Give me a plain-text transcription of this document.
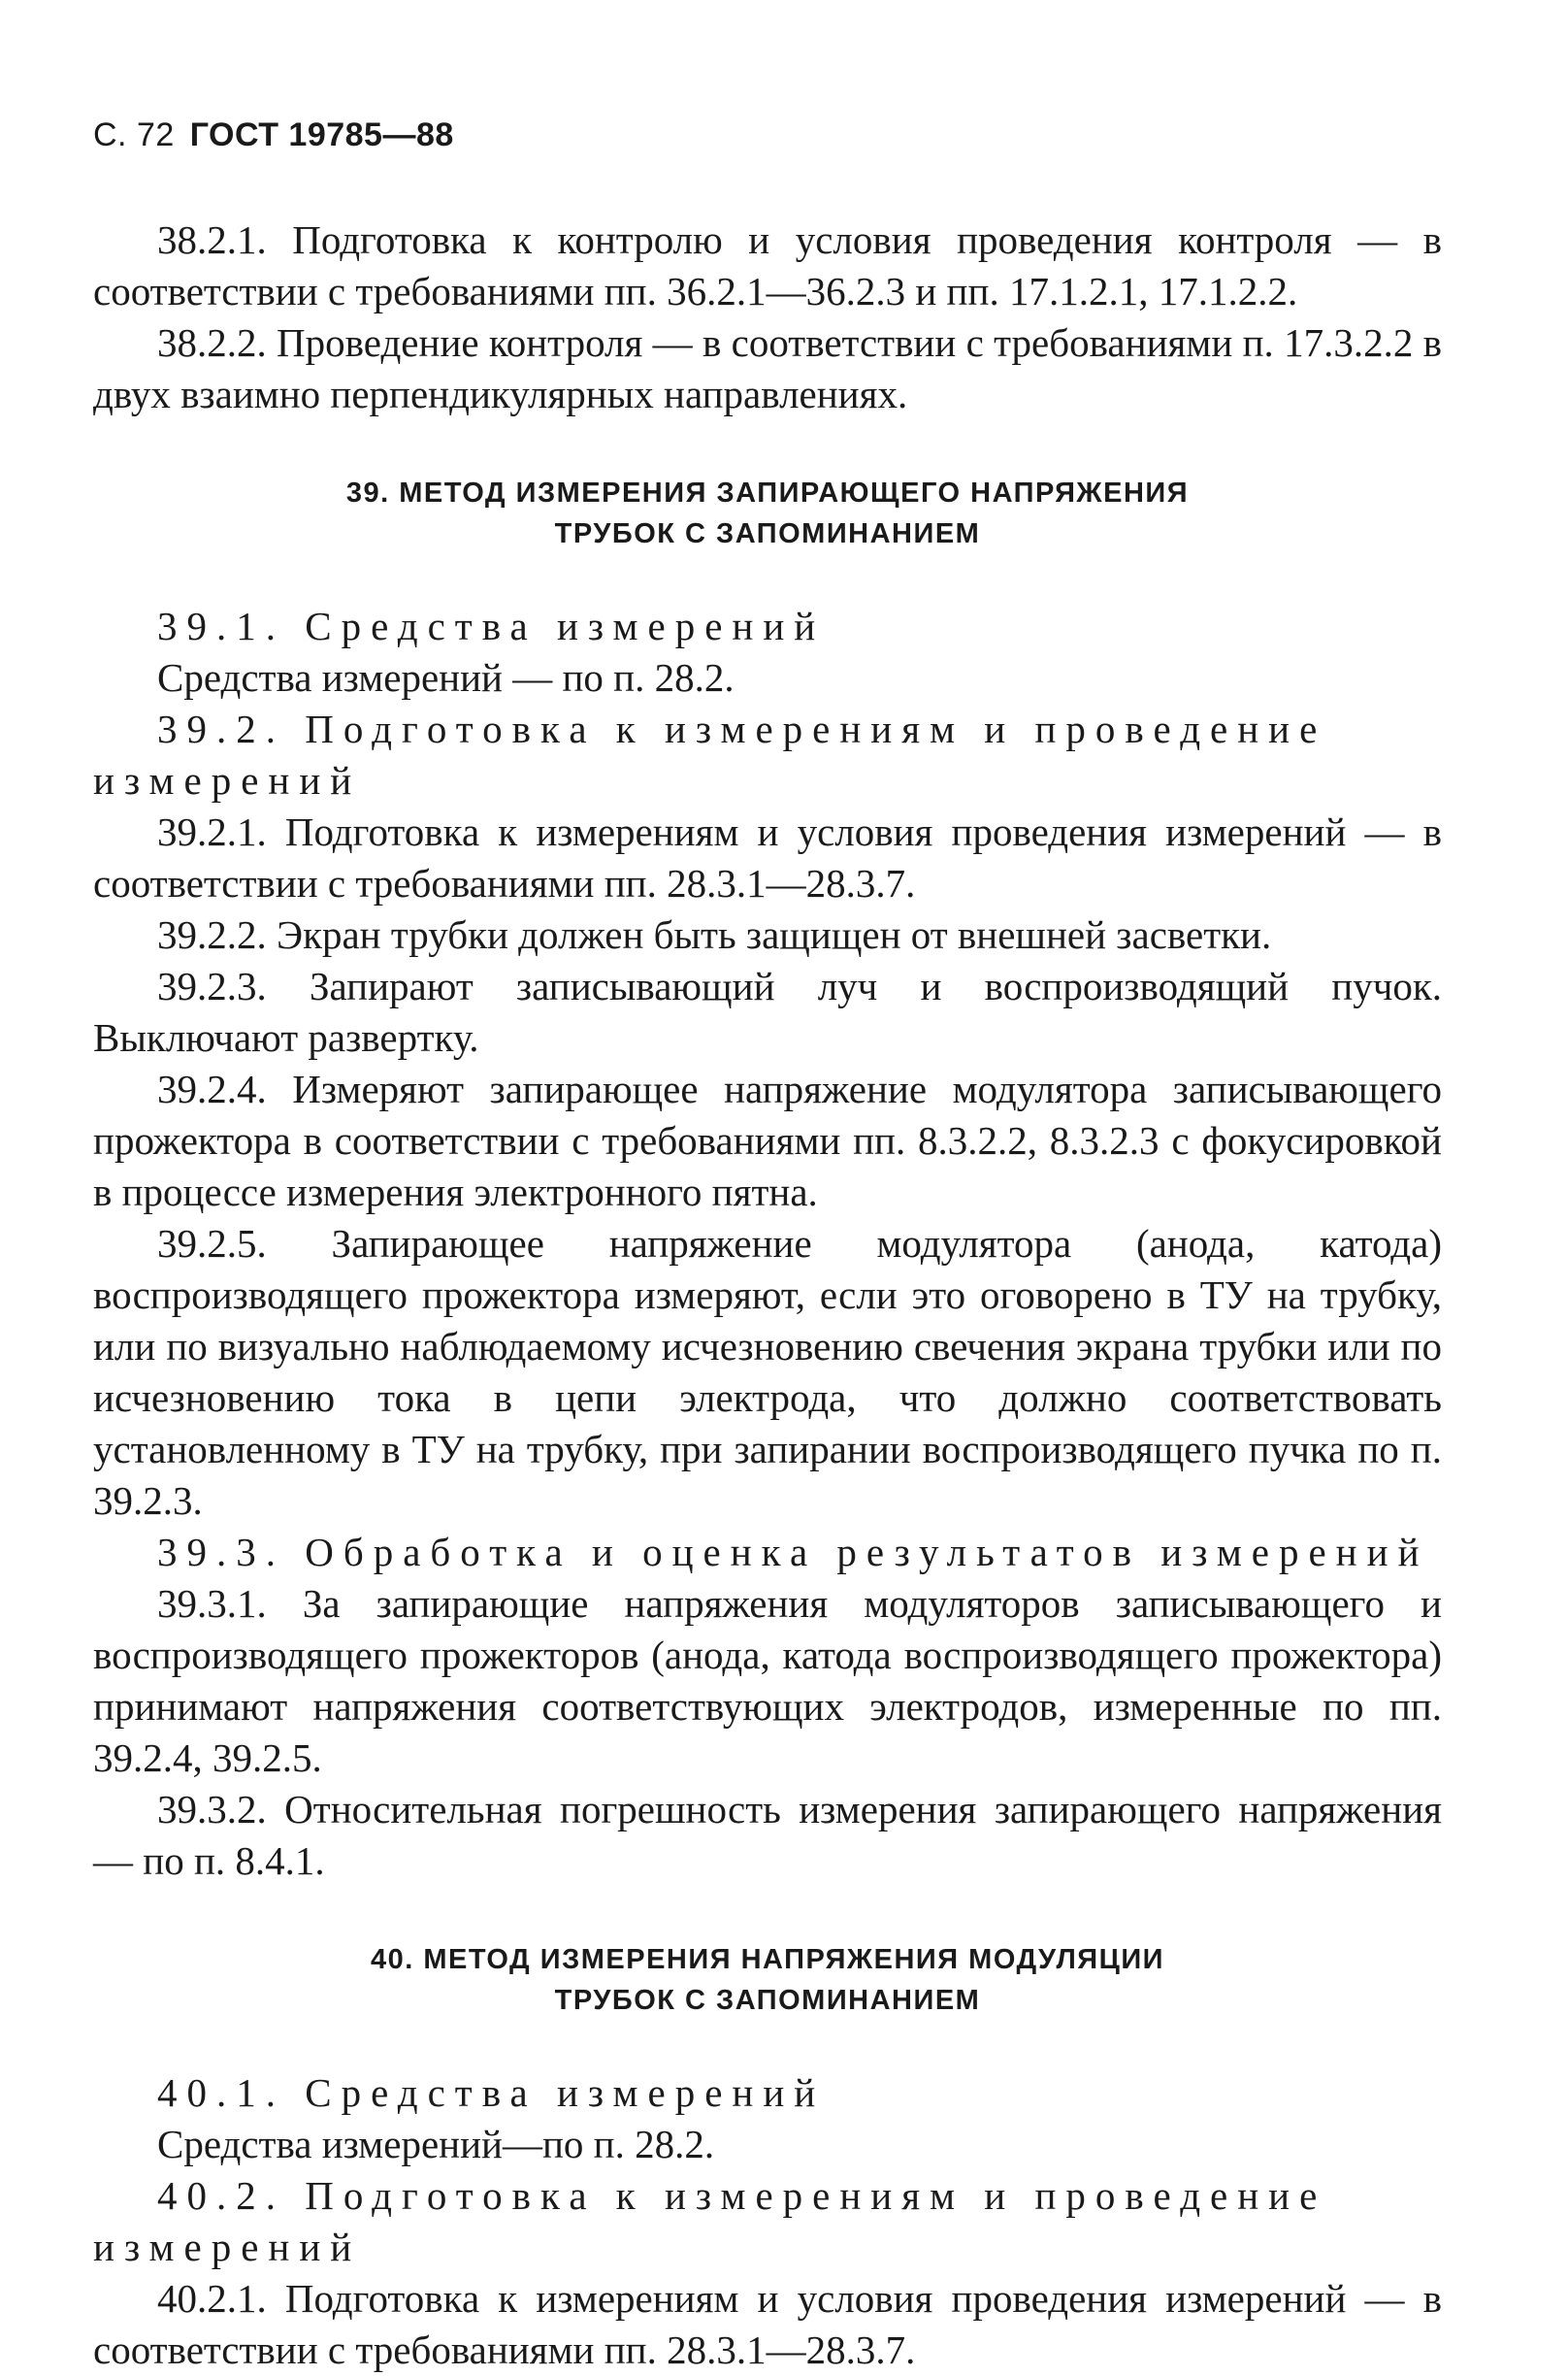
С. 72 ГОСТ 19785—88

38.2.1. Подготовка к контролю и условия проведения контроля — в соответствии с требованиями пп. 36.2.1—36.2.3 и пп. 17.1.2.1, 17.1.2.2.

38.2.2. Проведение контроля — в соответствии с требованиями п. 17.3.2.2 в двух взаимно перпендикулярных направлениях.

39. МЕТОД ИЗМЕРЕНИЯ ЗАПИРАЮЩЕГО НАПРЯЖЕНИЯ
ТРУБОК С ЗАПОМИНАНИЕМ

39.1. Средства измерений

Средства измерений — по п. 28.2.

39.2. Подготовка к измерениям и проведение измерений

39.2.1. Подготовка к измерениям и условия проведения измерений — в соответствии с требованиями пп. 28.3.1—28.3.7.

39.2.2. Экран трубки должен быть защищен от внешней засветки.

39.2.3. Запирают записывающий луч и воспроизводящий пучок. Выключают развертку.

39.2.4. Измеряют запирающее напряжение модулятора записывающего прожектора в соответствии с требованиями пп. 8.3.2.2, 8.3.2.3 с фокусировкой в процессе измерения электронного пятна.

39.2.5. Запирающее напряжение модулятора (анода, катода) воспроизводящего прожектора измеряют, если это оговорено в ТУ на трубку, или по визуально наблюдаемому исчезновению свечения экрана трубки или по исчезновению тока в цепи электрода, что должно соответствовать установленному в ТУ на трубку, при запирании воспроизводящего пучка по п. 39.2.3.

39.3. Обработка и оценка результатов измерений

39.3.1. За запирающие напряжения модуляторов записывающего и воспроизводящего прожекторов (анода, катода воспроизводящего прожектора) принимают напряжения соответствующих электродов, измеренные по пп. 39.2.4, 39.2.5.

39.3.2. Относительная погрешность измерения запирающего напряжения — по п. 8.4.1.

40. МЕТОД ИЗМЕРЕНИЯ НАПРЯЖЕНИЯ МОДУЛЯЦИИ
ТРУБОК С ЗАПОМИНАНИЕМ

40.1. Средства измерений

Средства измерений—по п. 28.2.

40.2. Подготовка к измерениям и проведение измерений

40.2.1. Подготовка к измерениям и условия проведения измерений — в соответствии с требованиями пп. 28.3.1—28.3.7.
